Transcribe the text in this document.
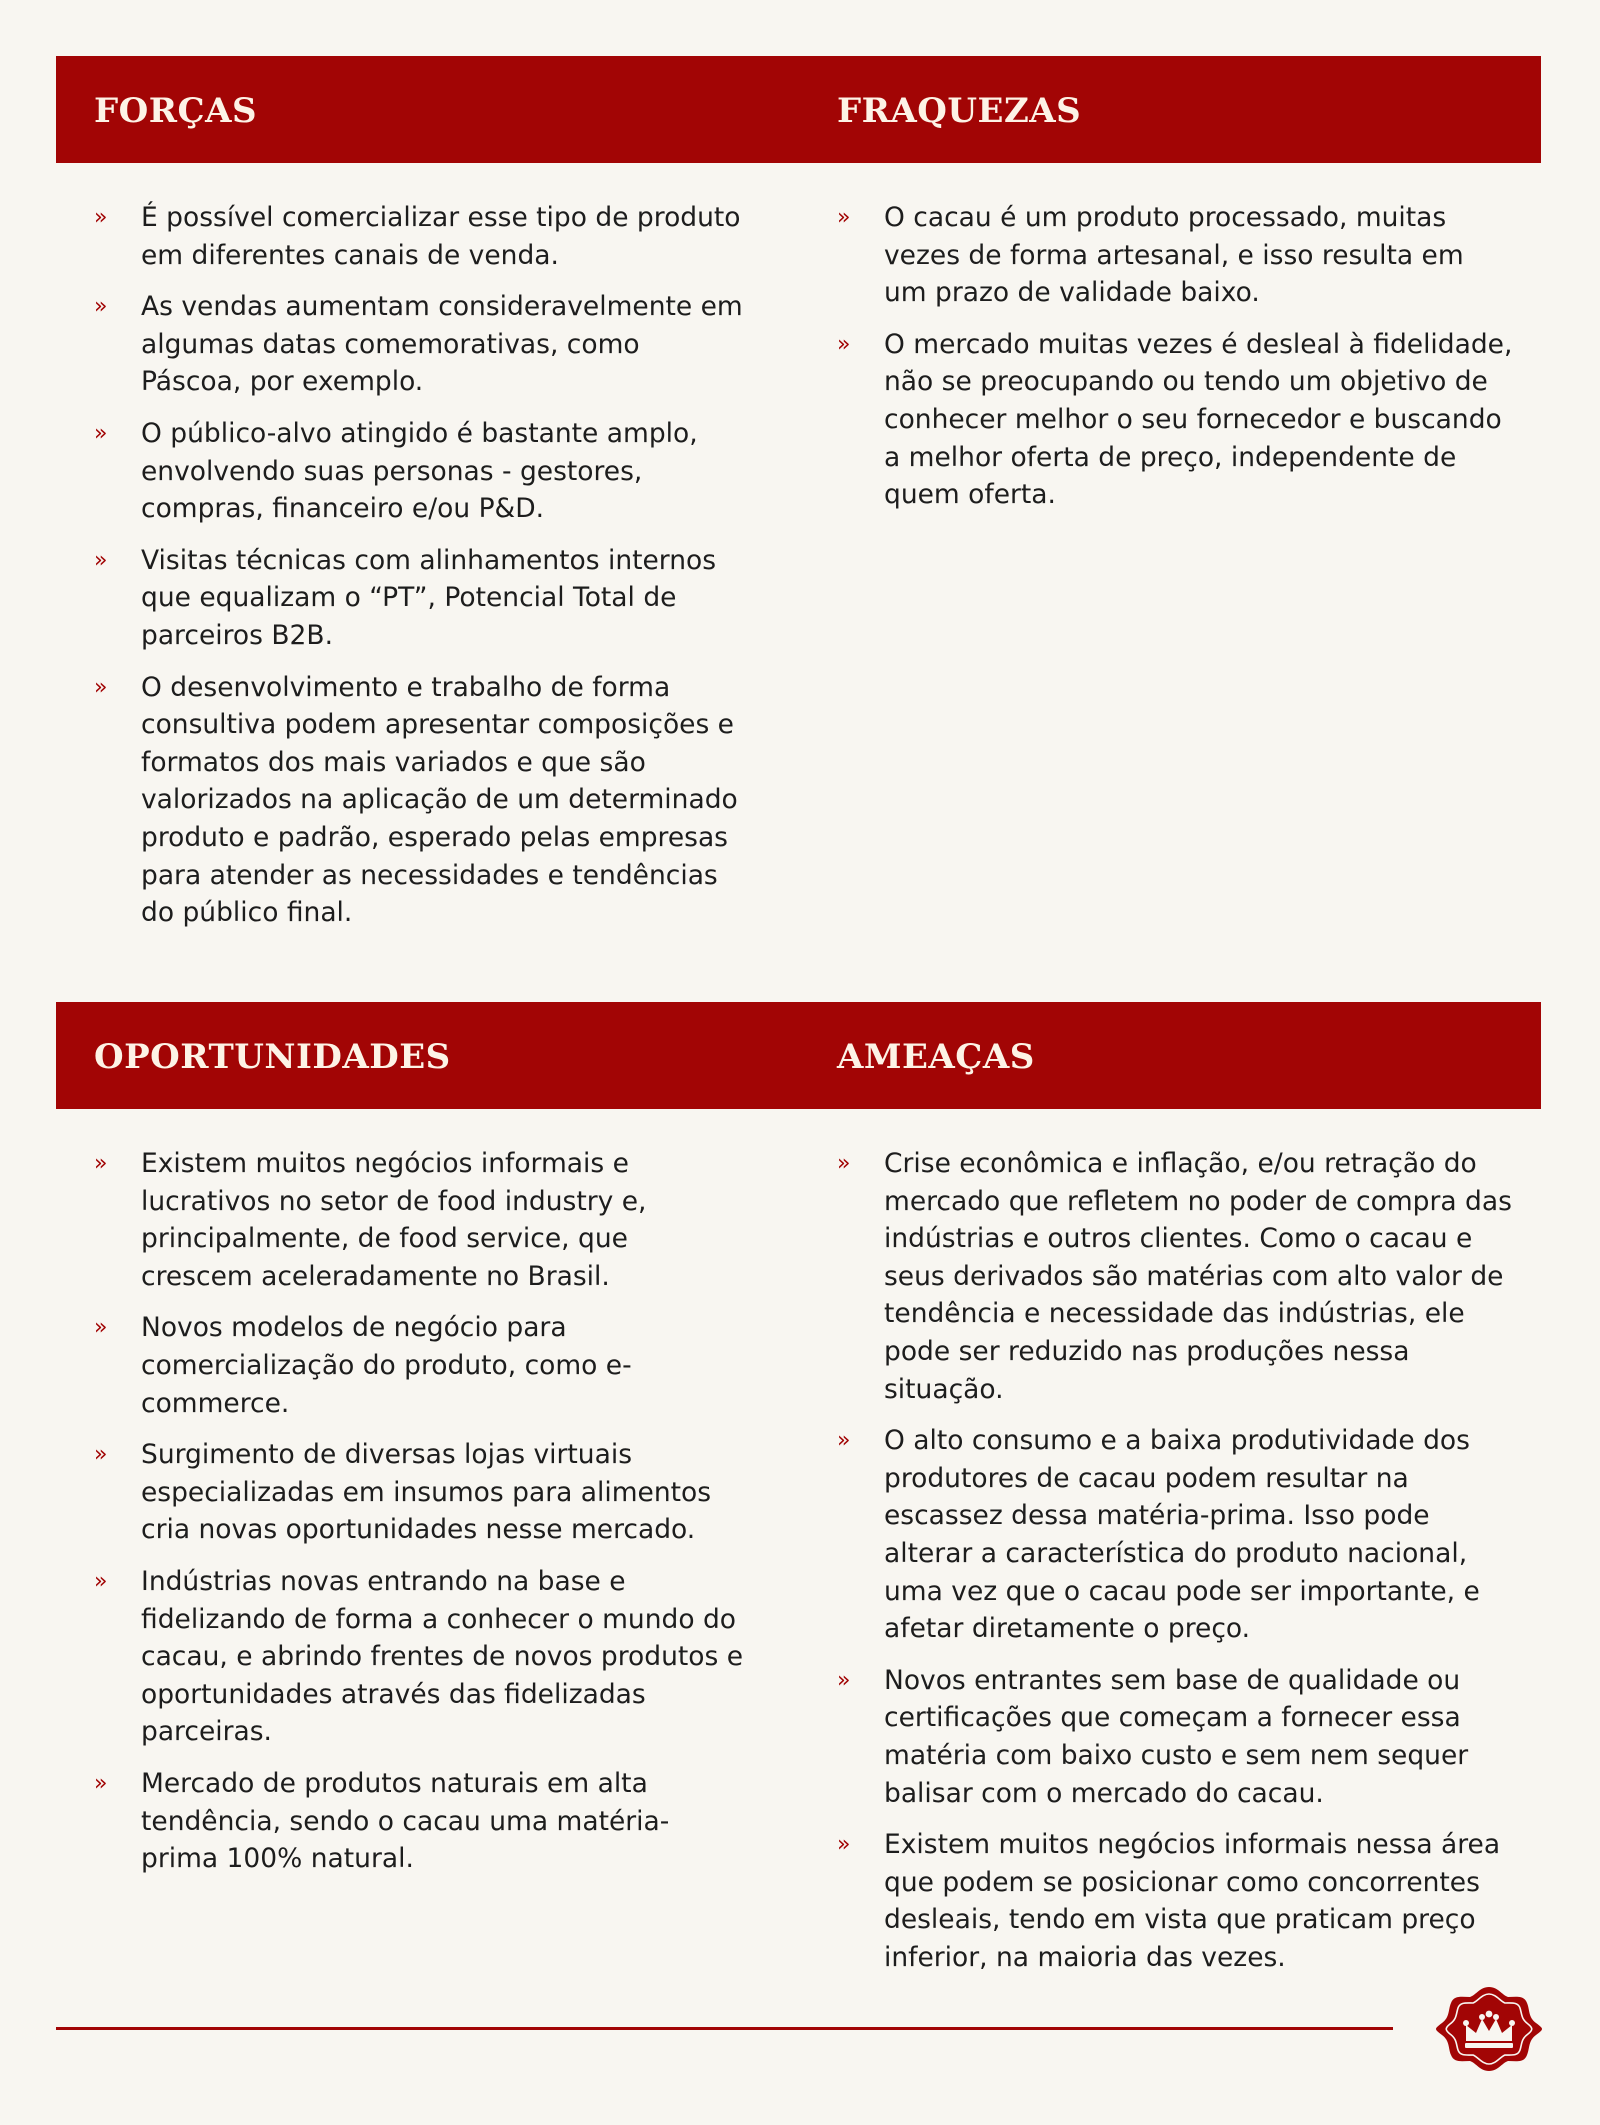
FORÇAS	FRAQUEZAS
» É possível comercializar esse tipo de produto em diferentes canais de venda.
» As vendas aumentam consideravelmente em algumas datas comemorativas, como Páscoa, por exemplo.
» O público-alvo atingido é bastante amplo, envolvendo suas personas - gestores, compras, financeiro e/ou P&D.
» Visitas técnicas com alinhamentos internos que equalizam o “PT”, Potencial Total de parceiros B2B.
» O desenvolvimento e trabalho de forma consultiva podem apresentar composições e formatos dos mais variados e que são valorizados na aplicação de um determinado produto e padrão, esperado pelas empresas para atender as necessidades e tendências do público final.
» O cacau é um produto processado, muitas vezes de forma artesanal, e isso resulta em um prazo de validade baixo.
» O mercado muitas vezes é desleal à fidelidade, não se preocupando ou tendo um objetivo de conhecer melhor o seu fornecedor e buscando a melhor oferta de preço, independente de quem oferta.
OPORTUNIDADES	AMEAÇAS
» Existem muitos negócios informais e lucrativos no setor de food industry e, principalmente, de food service, que crescem aceleradamente no Brasil.
» Novos modelos de negócio para comercialização do produto, como e-commerce.
» Surgimento de diversas lojas virtuais especializadas em insumos para alimentos cria novas oportunidades nesse mercado.
» Indústrias novas entrando na base e fidelizando de forma a conhecer o mundo do cacau, e abrindo frentes de novos produtos e oportunidades através das fidelizadas parceiras.
» Mercado de produtos naturais em alta tendência, sendo o cacau uma matéria-prima 100% natural.
» Crise econômica e inflação, e/ou retração do mercado que refletem no poder de compra das indústrias e outros clientes. Como o cacau e seus derivados são matérias com alto valor de tendência e necessidade das indústrias, ele pode ser reduzido nas produções nessa situação.
» O alto consumo e a baixa produtividade dos produtores de cacau podem resultar na escassez dessa matéria-prima. Isso pode alterar a característica do produto nacional, uma vez que o cacau pode ser importante, e afetar diretamente o preço.
» Novos entrantes sem base de qualidade ou certificações que começam a fornecer essa matéria com baixo custo e sem nem sequer balisar com o mercado do cacau.
» Existem muitos negócios informais nessa área que podem se posicionar como concorrentes desleais, tendo em vista que praticam preço inferior, na maioria das vezes.
